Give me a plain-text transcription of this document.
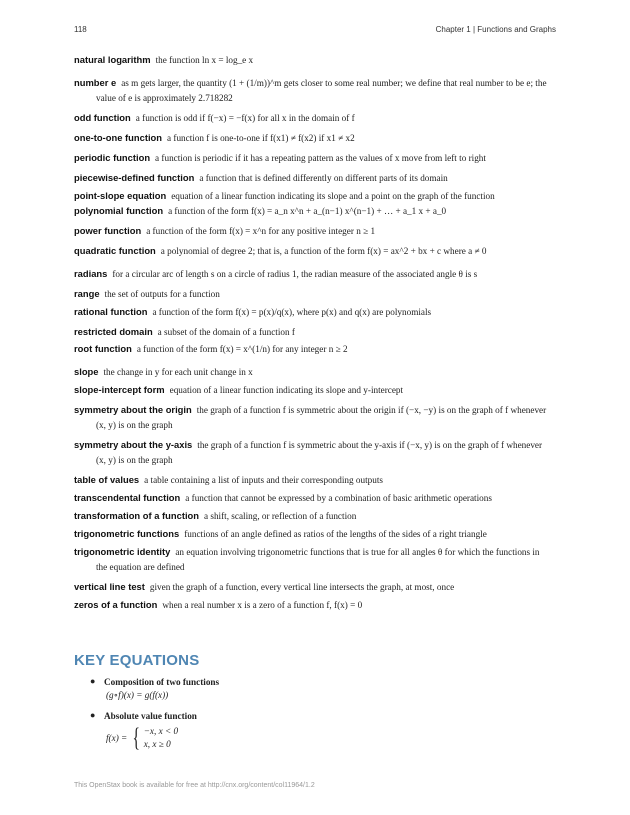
118	Chapter 1 | Functions and Graphs
natural logarithm the function ln x = log_e x
number e as m gets larger, the quantity (1 + (1/m))^m gets closer to some real number; we define that real number to be e; the value of e is approximately 2.718282
odd function a function is odd if f(−x) = −f(x) for all x in the domain of f
one-to-one function a function f is one-to-one if f(x1) ≠ f(x2) if x1 ≠ x2
periodic function a function is periodic if it has a repeating pattern as the values of x move from left to right
piecewise-defined function a function that is defined differently on different parts of its domain
point-slope equation equation of a linear function indicating its slope and a point on the graph of the function
polynomial function a function of the form f(x) = a_n x^n + a_(n−1) x^(n−1) + … + a_1 x + a_0
power function a function of the form f(x) = x^n for any positive integer n ≥ 1
quadratic function a polynomial of degree 2; that is, a function of the form f(x) = ax^2 + bx + c where a ≠ 0
radians for a circular arc of length s on a circle of radius 1, the radian measure of the associated angle θ is s
range the set of outputs for a function
rational function a function of the form f(x) = p(x)/q(x), where p(x) and q(x) are polynomials
restricted domain a subset of the domain of a function f
root function a function of the form f(x) = x^(1/n) for any integer n ≥ 2
slope the change in y for each unit change in x
slope-intercept form equation of a linear function indicating its slope and y-intercept
symmetry about the origin the graph of a function f is symmetric about the origin if (−x, −y) is on the graph of f whenever (x, y) is on the graph
symmetry about the y-axis the graph of a function f is symmetric about the y-axis if (−x, y) is on the graph of f whenever (x, y) is on the graph
table of values a table containing a list of inputs and their corresponding outputs
transcendental function a function that cannot be expressed by a combination of basic arithmetic operations
transformation of a function a shift, scaling, or reflection of a function
trigonometric functions functions of an angle defined as ratios of the lengths of the sides of a right triangle
trigonometric identity an equation involving trigonometric functions that is true for all angles θ for which the functions in the equation are defined
vertical line test given the graph of a function, every vertical line intersects the graph, at most, once
zeros of a function when a real number x is a zero of a function f, f(x) = 0
KEY EQUATIONS
● Composition of two functions
(g∘f)(x) = g(f(x))
● Absolute value function
f(x) = { −x, x < 0
x, x ≥ 0
This OpenStax book is available for free at http://cnx.org/content/col11964/1.2
